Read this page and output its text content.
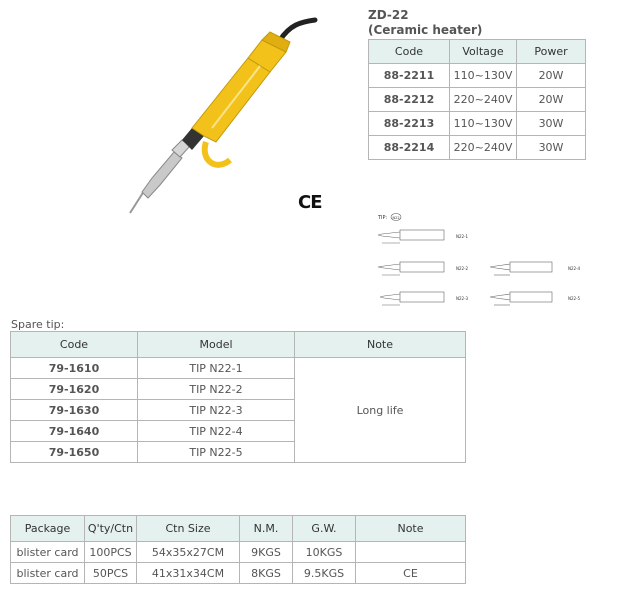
ZD-22
(Ceramic heater)
Code	Voltage	Power
88-2211	110~130V	20W
88-2212	220~240V	20W
88-2213	110~130V	30W
88-2214	220~240V	30W
CE
TIP: N22
N22-1
N22-2
N22-3
N22-4
N22-5
Spare tip:
Code	Model	Note
79-1610	TIP N22-1	Long life
79-1620	TIP N22-2	
79-1630	TIP N22-3	
79-1640	TIP N22-4	
79-1650	TIP N22-5	
Package	Q'ty/Ctn	Ctn Size	N.M.	G.W.	Note
blister card	100PCS	54x35x27CM	9KGS	10KGS	
blister card	50PCS	41x31x34CM	8KGS	9.5KGS	CE
